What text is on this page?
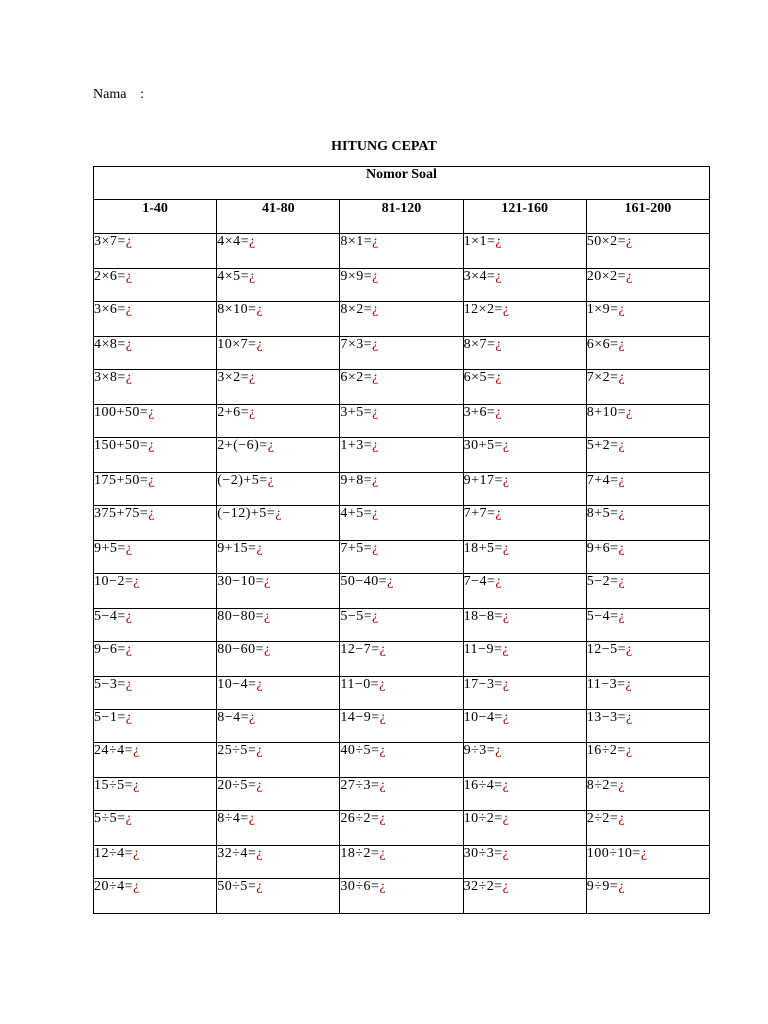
Nama :
HITUNG CEPAT
Nomor Soal				
1-40	41-80	81-120	121-160	161-200
3×7=¿	4×4=¿	8×1=¿	1×1=¿	50×2=¿
2×6=¿	4×5=¿	9×9=¿	3×4=¿	20×2=¿
3×6=¿	8×10=¿	8×2=¿	12×2=¿	1×9=¿
4×8=¿	10×7=¿	7×3=¿	8×7=¿	6×6=¿
3×8=¿	3×2=¿	6×2=¿	6×5=¿	7×2=¿
100+50=¿	2+6=¿	3+5=¿	3+6=¿	8+10=¿
150+50=¿	2+(−6)=¿	1+3=¿	30+5=¿	5+2=¿
175+50=¿	(−2)+5=¿	9+8=¿	9+17=¿	7+4=¿
375+75=¿	(−12)+5=¿	4+5=¿	7+7=¿	8+5=¿
9+5=¿	9+15=¿	7+5=¿	18+5=¿	9+6=¿
10−2=¿	30−10=¿	50−40=¿	7−4=¿	5−2=¿
5−4=¿	80−80=¿	5−5=¿	18−8=¿	5−4=¿
9−6=¿	80−60=¿	12−7=¿	11−9=¿	12−5=¿
5−3=¿	10−4=¿	11−0=¿	17−3=¿	11−3=¿
5−1=¿	8−4=¿	14−9=¿	10−4=¿	13−3=¿
24÷4=¿	25÷5=¿	40÷5=¿	9÷3=¿	16÷2=¿
15÷5=¿	20÷5=¿	27÷3=¿	16÷4=¿	8÷2=¿
5÷5=¿	8÷4=¿	26÷2=¿	10÷2=¿	2÷2=¿
12÷4=¿	32÷4=¿	18÷2=¿	30÷3=¿	100÷10=¿
20÷4=¿	50÷5=¿	30÷6=¿	32÷2=¿	9÷9=¿
